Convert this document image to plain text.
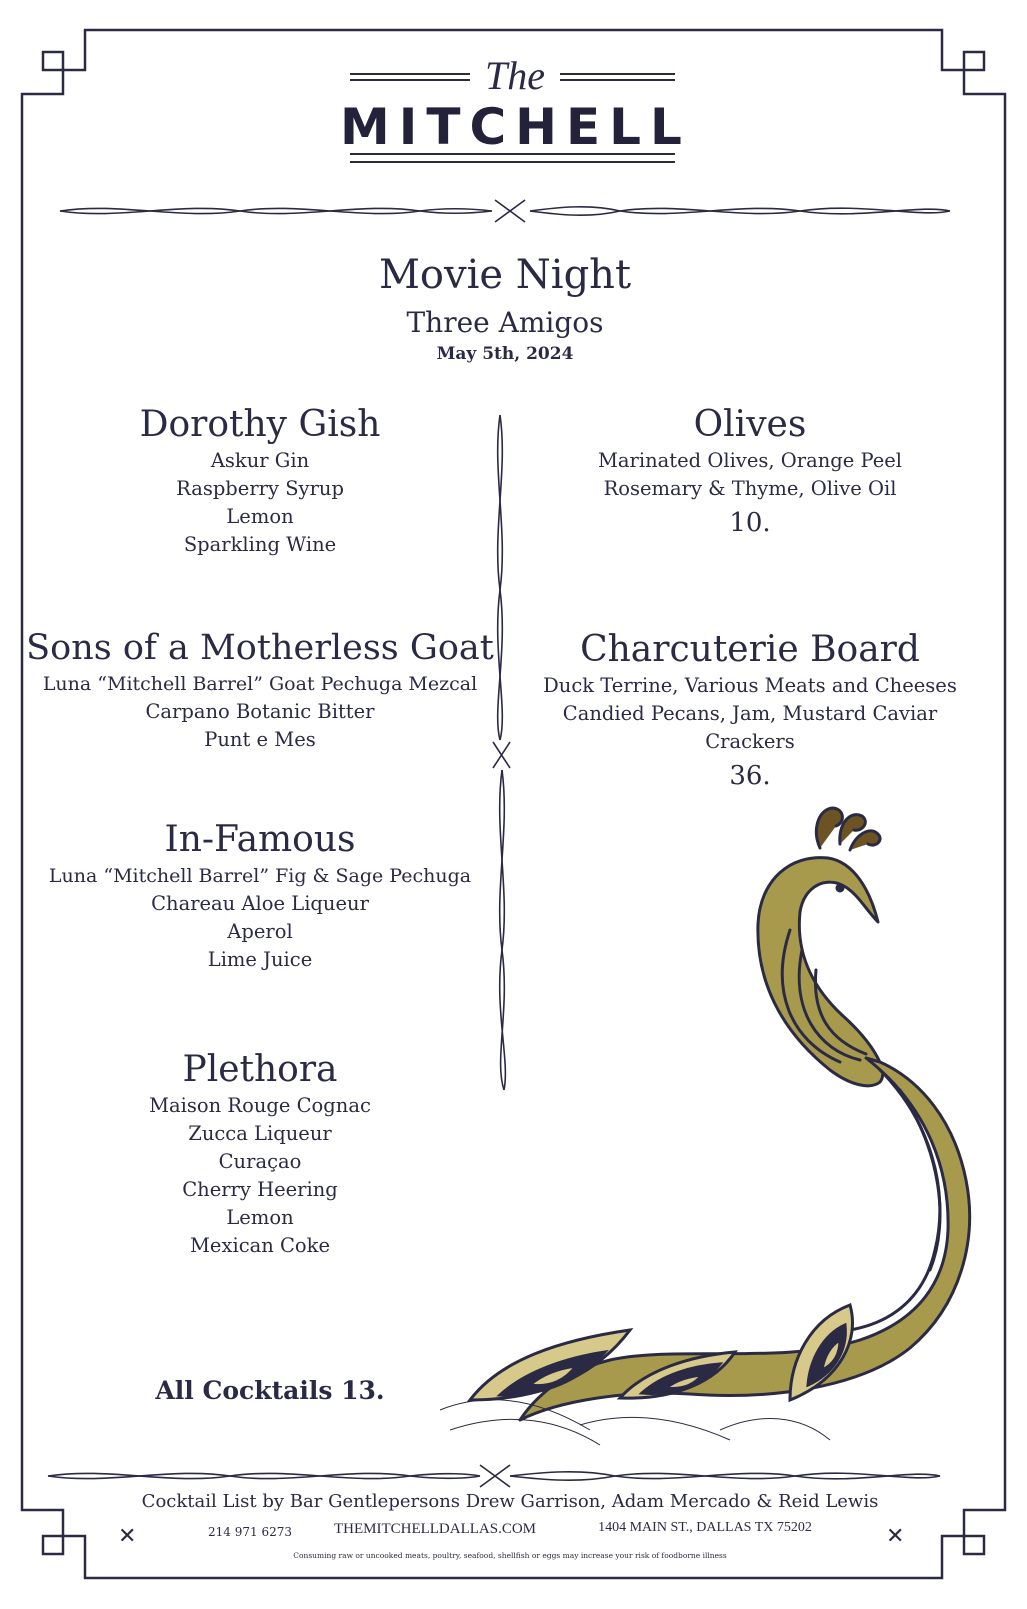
The
MITCHELL
Movie Night
Three Amigos
May 5th, 2024
Dorothy Gish
Askur Gin
Raspberry Syrup
Lemon
Sparkling Wine
Sons of a Motherless Goat
Luna “Mitchell Barrel” Goat Pechuga Mezcal
Carpano Botanic Bitter
Punt e Mes
In-Famous
Luna “Mitchell Barrel” Fig & Sage Pechuga
Chareau Aloe Liqueur
Aperol
Lime Juice
Plethora
Maison Rouge Cognac
Zucca Liqueur
Curaçao
Cherry Heering
Lemon
Mexican Coke
Olives
Marinated Olives, Orange Peel
Rosemary & Thyme, Olive Oil
10.
Charcuterie Board
Duck Terrine, Various Meats and Cheeses
Candied Pecans, Jam, Mustard Caviar
Crackers
36.
All Cocktails 13.
Cocktail List by Bar Gentlepersons Drew Garrison, Adam Mercado & Reid Lewis
✕	214 971 6273	THEMITCHELLDALLAS.COM	1404 MAIN ST., DALLAS TX 75202	✕
Consuming raw or uncooked meats, poultry, seafood, shellfish or eggs may increase your risk of foodborne illness
